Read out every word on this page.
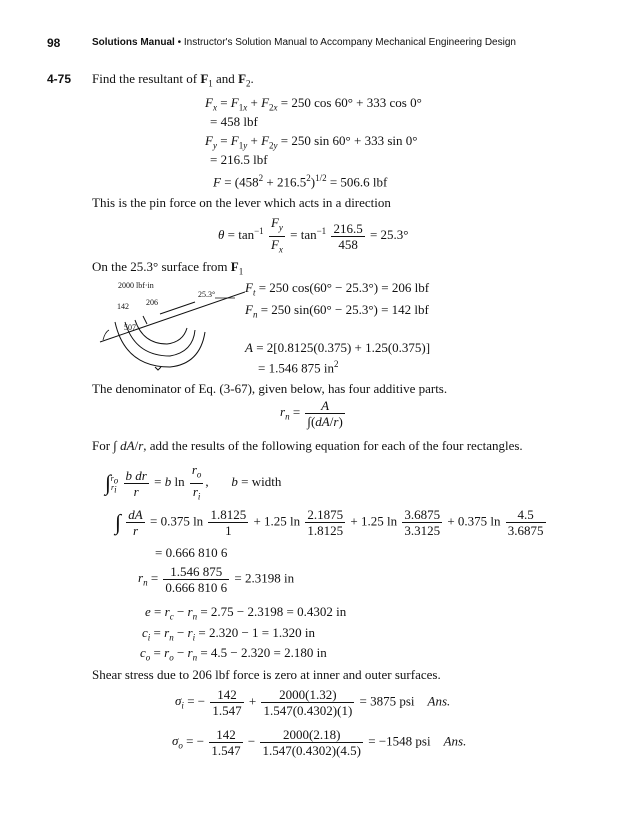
98	Solutions Manual • Instructor's Solution Manual to Accompany Mechanical Engineering Design
4-75 Find the resultant of $F_1$ and $F_2$.
$F_x = F_{1x} + F_{2x} = 250$ cos 60° + 333 cos 0°
= 458 lbf
$F_y = F_{1y} + F_{2y} = 250$ sin 60° + 333 sin 0°
= 216.5 lbf
$F = (458^2 + 216.5^2)^{1/2} = 506.6$ lbf
This is the pin force on the lever which acts in a direction
$\theta = \tan^{-1} \frac{F_y}{F_x} = \tan^{-1} \frac{216.5}{458} = 25.3^\circ$
On the 25.3° surface from $F_1$
2000 lbf·in
25.3°
142 206
507
$F_t = 250$ cos(60° − 25.3°) = 206 lbf
$F_n = 250$ sin(60° − 25.3°) = 142 lbf
A = 2[0.8125(0.375) + 1.25(0.375)]
= 1.546 875 $in^2$
The denominator of Eq. (3-67), given below, has four additive parts.
$r_n = \frac{A}{\int(dA/r)}$
For ∫ dA/r, add the results of the following equation for each of the four rectangles.
$\int_{r_i}^{r_o} \frac{\text{b dr}}{r} = b$ $\ln \frac{r_o}{r_i}$ ,       b = width
∫ $\frac{dA}{r} = 0.375$ $\ln \frac{1.8125}{1} + 1.25$ $\ln \frac{2.1875}{1.8125} + 1.25$ $\ln \frac{3.6875}{3.3125} + 0.375$ $\ln \frac{4.5}{3.6875}$
= 0.666 810 6
$r_n = \frac{1.546 875}{0.666 810 6} = 2.3198$ in
$e = r_c - r_n = 2.75 - 2.3198 = 0.4302$ in
$c_i = r_n - r_i = 2.320 - 1 = 1.320$ in
$c_o = r_o - r_n = 4.5 - 2.320 = 2.180$ in
Shear stress due to 206 lbf force is zero at inner and outer surfaces.
$\sigma_i$ = − $\frac{142}{1.547} + \frac{2000(1.32)}{1.547(0.4302)(1)} = 3875$ psi    Ans.
$\sigma_o$ = − $\frac{142}{1.547} - \frac{2000(2.18)}{1.547(0.4302)(4.5)} = -1548$ psi    Ans.
